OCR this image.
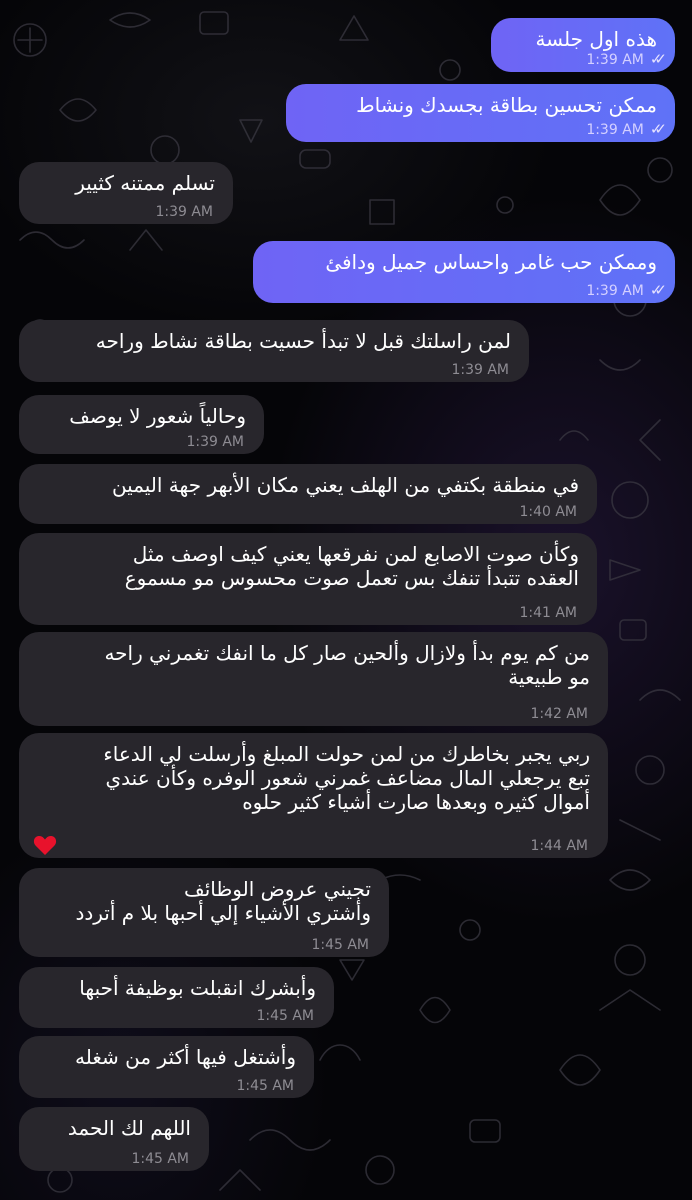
هذه اول جلسة
1:39 AM ✓✓
ممكن تحسين بطاقة بجسدك ونشاط
1:39 AM ✓✓
تسلم ممتنه كثيير
1:39 AM
وممكن حب غامر واحساس جميل ودافئ
1:39 AM ✓✓
لمن راسلتك قبل لا تبدأ حسيت بطاقة نشاط وراحه
1:39 AM
وحالياً شعور لا يوصف
1:39 AM
في منطقة بكتفي من الهلف يعني مكان الأبهر جهة اليمين
1:40 AM
وكأن صوت الاصابع لمن نفرقعها يعني كيف اوصف مثل
العقده تتبدأ تنفك بس تعمل صوت محسوس مو مسموع
1:41 AM
من كم يوم بدأ ولازال وألحين صار كل ما انفك تغمرني راحه
مو طبيعية
1:42 AM
ربي يجبر بخاطرك من لمن حولت المبلغ وأرسلت لي الدعاء
تبع يرجعلي المال مضاعف غمرني شعور الوفره وكأن عندي
أموال كثيره وبعدها صارت أشياء كثير حلوه
1:44 AM
تجيني عروض الوظائف
وأشتري الأشياء إلي أحبها بلا م أتردد
1:45 AM
وأبشرك انقبلت بوظيفة أحبها
1:45 AM
وأشتغل فيها أكثر من شغله
1:45 AM
اللهم لك الحمد
1:45 AM
